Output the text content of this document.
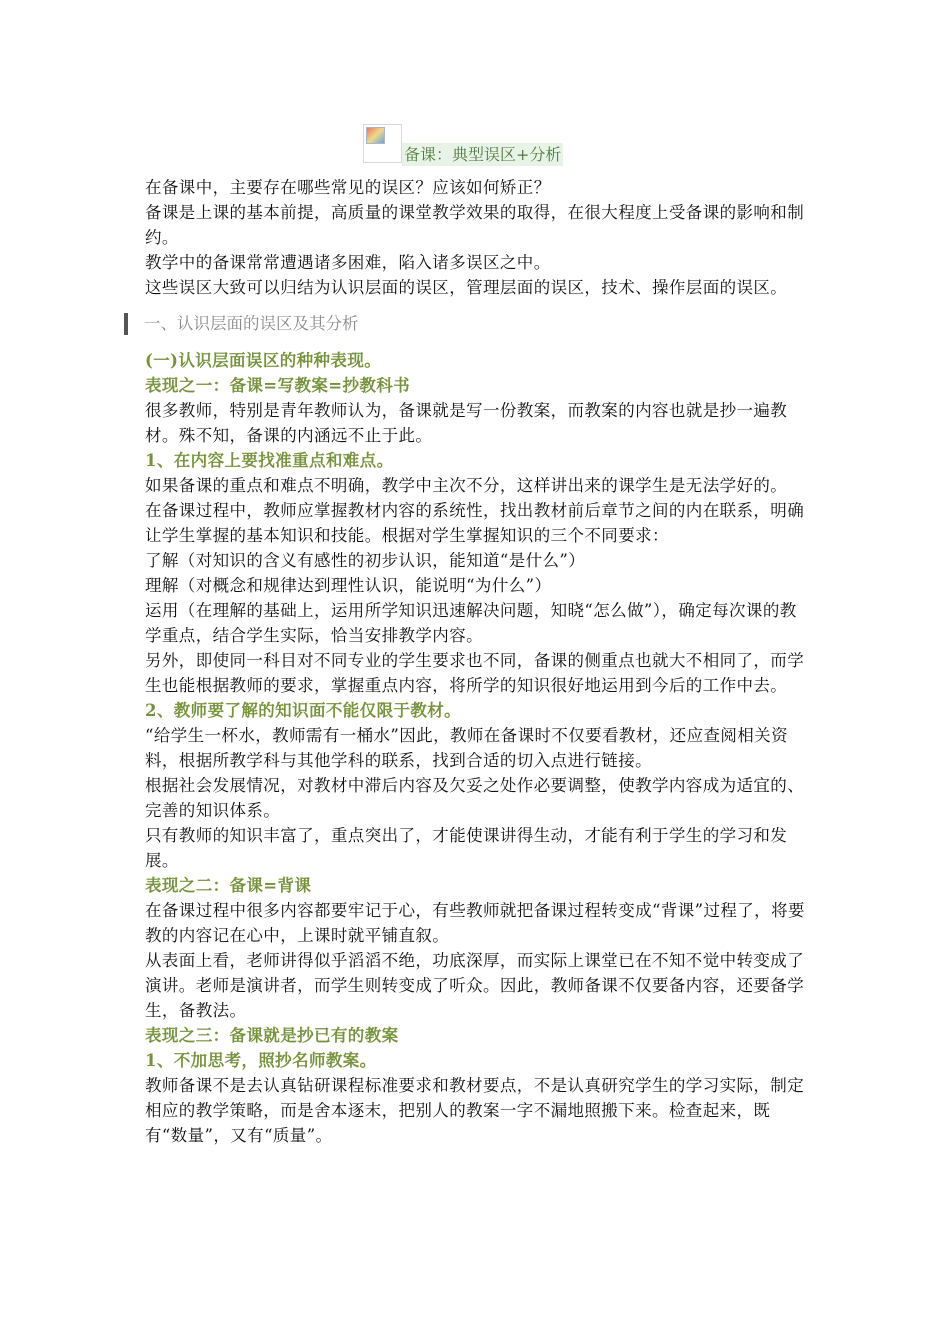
备课：典型误区+分析

在备课中，主要存在哪些常见的误区？应该如何矫正？

备课是上课的基本前提，高质量的课堂教学效果的取得，在很大程度上受备课的影响和制约。

教学中的备课常常遭遇诸多困难，陷入诸多误区之中。

这些误区大致可以归结为认识层面的误区，管理层面的误区，技术、操作层面的误区。

一、认识层面的误区及其分析

(一)认识层面误区的种种表现。

表现之一：备课=写教案=抄教科书

很多教师，特别是青年教师认为，备课就是写一份教案，而教案的内容也就是抄一遍教材。殊不知，备课的内涵远不止于此。

1、在内容上要找准重点和难点。

如果备课的重点和难点不明确，教学中主次不分，这样讲出来的课学生是无法学好的。

在备课过程中，教师应掌握教材内容的系统性，找出教材前后章节之间的内在联系，明确让学生掌握的基本知识和技能。根据对学生掌握知识的三个不同要求：

了解（对知识的含义有感性的初步认识，能知道“是什么”）

理解（对概念和规律达到理性认识，能说明“为什么”）

运用（在理解的基础上，运用所学知识迅速解决问题，知晓“怎么做”），确定每次课的教学重点，结合学生实际，恰当安排教学内容。

另外，即使同一科目对不同专业的学生要求也不同，备课的侧重点也就大不相同了，而学生也能根据教师的要求，掌握重点内容，将所学的知识很好地运用到今后的工作中去。

2、教师要了解的知识面不能仅限于教材。

“给学生一杯水，教师需有一桶水”因此，教师在备课时不仅要看教材，还应查阅相关资料，根据所教学科与其他学科的联系，找到合适的切入点进行链接。

根据社会发展情况，对教材中滞后内容及欠妥之处作必要调整，使教学内容成为适宜的、完善的知识体系。

只有教师的知识丰富了，重点突出了，才能使课讲得生动，才能有利于学生的学习和发展。

表现之二：备课=背课

在备课过程中很多内容都要牢记于心，有些教师就把备课过程转变成“背课”过程了，将要教的内容记在心中，上课时就平铺直叙。

从表面上看，老师讲得似乎滔滔不绝，功底深厚，而实际上课堂已在不知不觉中转变成了演讲。老师是演讲者，而学生则转变成了听众。因此，教师备课不仅要备内容，还要备学生，备教法。

表现之三：备课就是抄已有的教案

1、不加思考，照抄名师教案。

教师备课不是去认真钻研课程标准要求和教材要点，不是认真研究学生的学习实际，制定相应的教学策略，而是舍本逐末，把别人的教案一字不漏地照搬下来。检查起来，既有“数量”，又有“质量”。
